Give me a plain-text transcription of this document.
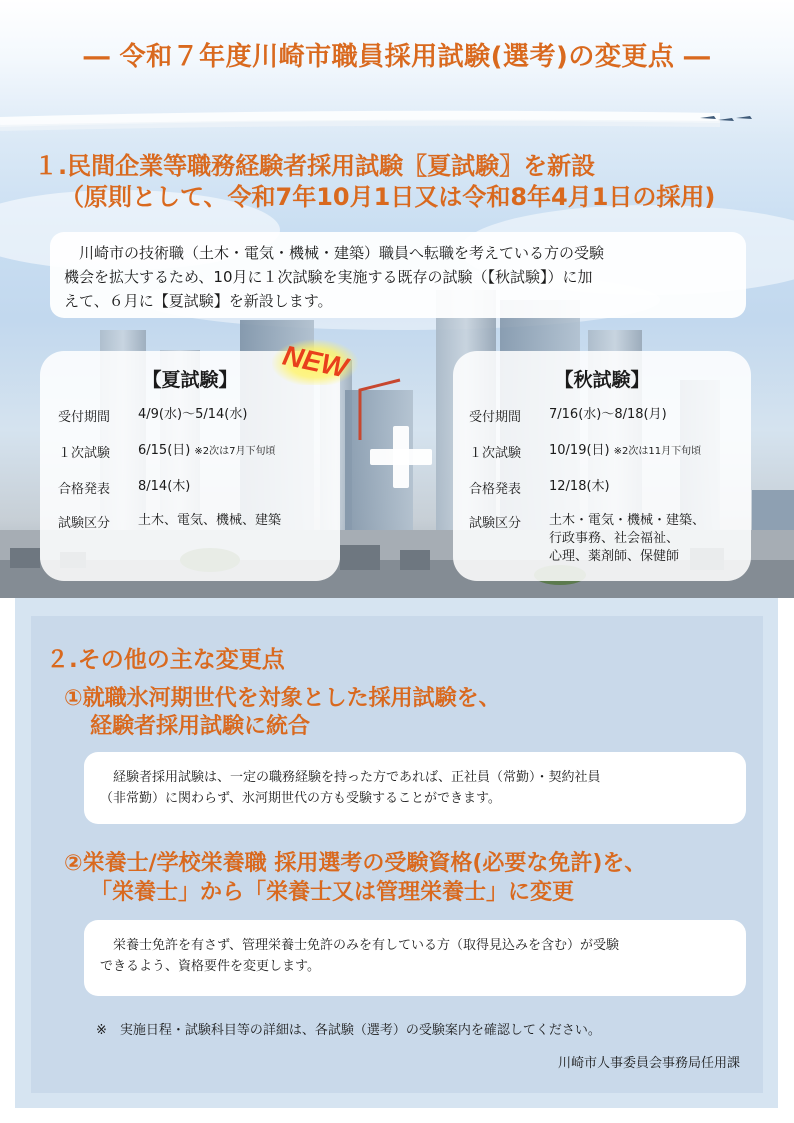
― 令和７年度川崎市職員採用試験(選考)の変更点 ―
１.民間企業等職務経験者採用試験〖夏試験〗を新設
（原則として、令和7年10月1日又は令和8年4月1日の採用)
　川崎市の技術職（土木・電気・機械・建築）職員へ転職を考えている方の受験
機会を拡大するため、10月に１次試験を実施する既存の試験（【秋試験】）に加
えて、６月に【夏試験】を新設します。
【夏試験】
受付期間 4/9(水)～5/14(水)
１次試験 6/15(日) ※2次は7月下旬頃
合格発表 8/14(木)
試験区分 土木、電気、機械、建築
NEW	【秋試験】
受付期間 7/16(水)～8/18(月)
１次試験 10/19(日) ※2次は11月下旬頃
合格発表 12/18(木)
試験区分 土木・電気・機械・建築、
行政事務、社会福祉、
心理、薬剤師、保健師
２.その他の主な変更点
①就職氷河期世代を対象とした採用試験を、
経験者採用試験に統合
　経験者採用試験は、一定の職務経験を持った方であれば、正社員（常勤）・契約社員
（非常勤）に関わらず、氷河期世代の方も受験することができます。
②栄養士/学校栄養職 採用選考の受験資格(必要な免許)を、
「栄養士」から「栄養士又は管理栄養士」に変更
　栄養士免許を有さず、管理栄養士免許のみを有している方（取得見込みを含む）が受験
できるよう、資格要件を変更します。
※　実施日程・試験科目等の詳細は、各試験（選考）の受験案内を確認してください。
川崎市人事委員会事務局任用課
